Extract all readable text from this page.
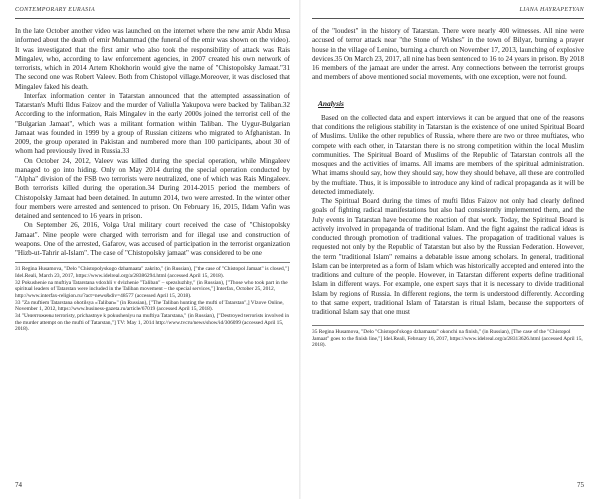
CONTEMPORARY EURASIA

In the late October another video was launched on the internet where the new amir Abdu Musa informed about the death of emir Muhammad (the funeral of the emir was shown on the video). It was investigated that the first amir who also took the responsibility of attack was Rais Mingalev, who, according to law enforcement agencies, in 2007 created his own network of terrorists, which in 2014 Artem Khokhorin would give the name of "Chistopolsky Jamaat."31 The second one was Robert Valeev. Both from Chistopol village.Moreover, it was disclosed that Mingalev faked his death.

Interfax information center in Tatarstan announced that the attempted assassination of Tatarstan's Mufti Ildus Faizov and the murder of Valiulla Yakupova were backed by Taliban.32 According to the information, Rais Mingalev in the early 2000s joined the terrorist cell of the "Bulgarian Jamaat", which was a militant formation within Taliban. The Uygur-Bulgarian Jamaat was founded in 1999 by a group of Russian citizens who migrated to Afghanistan. In 2009, the group operated in Pakistan and numbered more than 100 participants, about 30 of whom had previously lived in Russia.33

On October 24, 2012, Valeev was killed during the special operation, while Mingaleev managed to go into hiding. Only on May 2014 during the special operation conducted by "Alpha" division of the FSB two terrorists were neutralized, one of which was Rais Mingaleev. Both terrorists killed during the operation.34 During 2014-2015 period the members of Chistopolsky Jamaat had been detained. In autumn 2014, two were arrested. In the winter other four members were arrested and sentenced to prison. On February 16, 2015, Ildam Vafin was detained and sentenced to 16 years in prison.

On September 26, 2016, Volga Ural military court received the case of "Chistopolsky Jamaat". Nine people were charged with terrorism and for illegal use and construction of weapons. One of the arrested, Gafarov, was accused of participation in the terrorist organization "Hizb-ut-Tahrir al-Islam". The case of "Chistopolsky jamaat" was considered to be one

31 Regina Husamova, "Delo "Chistopolyskogo dzhamaata" zakrito," (in Russian), ["the case of "Chistopol Jamaat" is closed,"] Idel.Reali, March 23, 2017, https://www.idelreal.org/a/28386294.html (accessed April 15, 2018).

32 Pokushenie na muftiya Tatarstana vdoxhli v dvizhenie "Taliban" – spezsluzhby," (in Russian), ["Those who took part in the spiritual leaders of Tatarstan were included in the Taliban movement – the special services,"] Interfax, October 25, 2012, http://www.interfax-religion.ru/?act=news&div=48577 (accessed April 15, 2018).

33 "Za muftiem Tatarstana ohotilsya «Taliban»" (in Russian), ["The Taliban hunting the mufti of Tatarstan",] Vlzove Online, November 1, 2012, https://www.business-gazeta.ru/article/67019 (accessed April 15, 2018).

34 "Uничтожены terroristy, prichastnye k pokusheniyu na muftiya Tatarstana," (in Russian), ["Destroyed terrorists involved in the murder attempt on the mufti of Tatarstan,"] TV: May 1, 2014 http://www.tvcru/news/show/id/306099 (accessed April 15, 2018).

74
LIANA HAYRAPETYAN

of the "loudest" in the history of Tatarstan. There were nearly 400 witnesses. All nine were accused of terror attack near "the Stone of Wishes" in the town of Bilyar, burning a prayer house in the village of Lenino, burning a church on November 17, 2013, launching of explosive devices.35 On March 23, 2017, all nine has been sentenced to 16 to 24 years in prison. By 2018 16 members of the jamaat are under the arrest. Any connections between the terrorist groups and members of above mentioned social movements, with one exception, were not found.

Analysis

Based on the collected data and expert interviews it can be argued that one of the reasons that conditions the religious stability in Tatarstan is the existence of one united Spiritual Board of Muslims. Unlike the other republics of Russia, where there are two or three muftiates, who compete with each other, in Tatarstan there is no strong competition within the local Muslim communities. The Spiritual Board of Muslims of the Republic of Tatarstan controls all the mosques and the activities of imams. All imams are members of the spiritual administration. What imams should say, how they should say, how they should behave, all these are controlled by the muftiate. Thus, it is impossible to introduce any kind of radical propaganda as it will be detected immediately.

The Spiritual Board during the times of mufti Ildus Faizov not only had clearly defined goals of fighting radical manifestations but also had consistently implemented them, and the July events in Tatarstan have become the reaction of that work. Today, the Spiritual Board is actively involved in propaganda of traditional Islam. And the fight against the radical ideas is conducted through promotion of traditional values. The propagation of traditional values is requested not only by the Republic of Tatarstan but also by the Russian Federation. However, the term "traditional Islam" remains a debatable issue among scholars. In general, traditional Islam can be interpreted as a form of Islam which was historically accepted and entered into the traditions and culture of the people. However, in Tatarstan different experts define traditional Islam in different ways. For example, one expert says that it is necessary to divide traditional Islam by regions of Russia. In different regions, the term is understood differently. According to that same expert, traditional Islam of Tatarstan is ritual Islam, because the supporters of traditional Islam say that one must

35 Regina Husamova, "Delo "Chistopol'skogo dzhamaata" okonchi na finish," (in Russian), [The case of the "Chistopol Jamaat" goes to the finish line,"] Idel.Reali, February 16, 2017, https://www.idelreal.org/a/28313626.html (accessed April 15, 2018).

75
